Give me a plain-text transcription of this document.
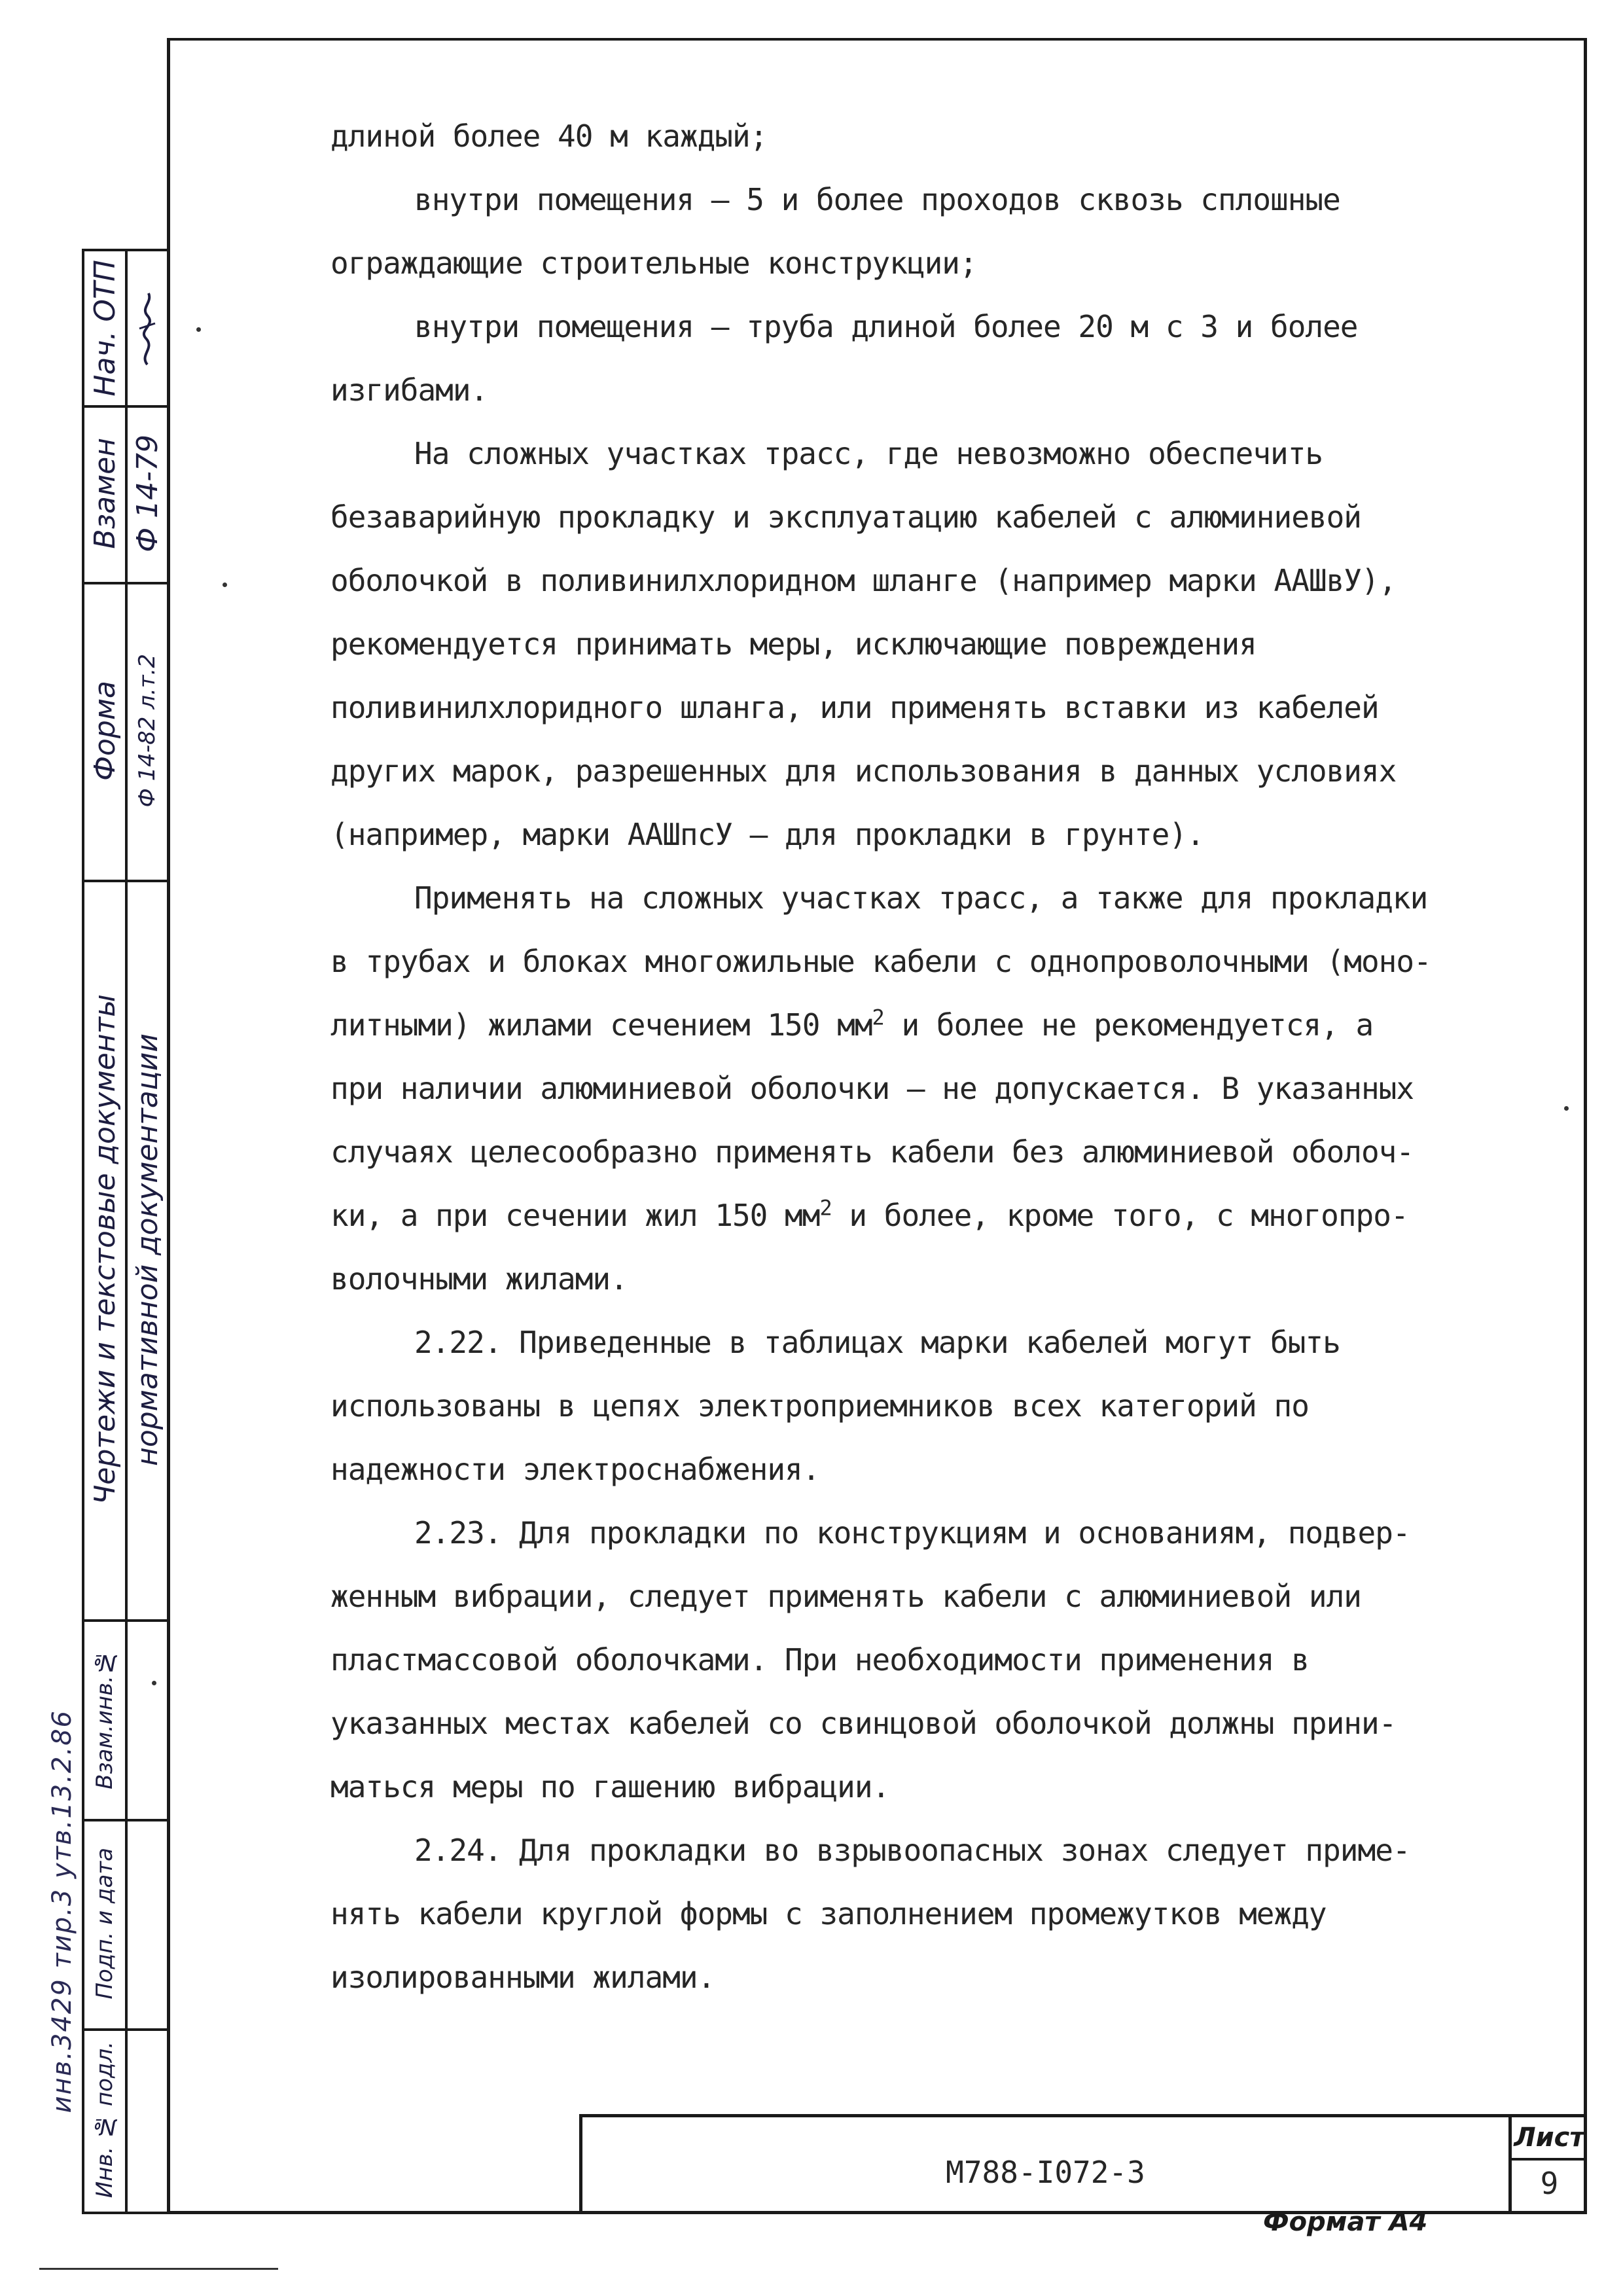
Нач. ОТП
Взамен Ф 14-79
Форма Ф 14-82 л.т.2
Чертежи и текстовые документы нормативной документации
Взам.инв.№
Подп. и дата
Инв. № подл.
инв.3429 тир.3 утв.13.2.86

длиной более 40 м каждый;

внутри помещения – 5 и более проходов сквозь сплошные

ограждающие строительные конструкции;

внутри помещения – труба длиной более 20 м с 3 и более

изгибами.

На сложных участках трасс, где невозможно обеспечить

безаварийную прокладку и эксплуатацию кабелей с алюминиевой

оболочкой в поливинилхлоридном шланге (например марки ААШвУ),

рекомендуется принимать меры, исключающие повреждения

поливинилхлоридного шланга, или применять вставки из кабелей

других марок, разрешенных для использования в данных условиях

(например, марки ААШпсУ – для прокладки в грунте).

Применять на сложных участках трасс, а также для прокладки

в трубах и блоках многожильные кабели с однопроволочными (моно-

литными) жилами сечением 150 $мм^2$ и более не рекомендуется, а

при наличии алюминиевой оболочки – не допускается. В указанных

случаях целесообразно применять кабели без алюминиевой оболоч-

ки, а при сечении жил 150 $мм^2$ и более, кроме того, с многопро-

волочными жилами.

2.22. Приведенные в таблицах марки кабелей могут быть

использованы в цепях электроприемников всех категорий по

надежности электроснабжения.

2.23. Для прокладки по конструкциям и основаниям, подвер-

женным вибрации, следует применять кабели с алюминиевой или

пластмассовой оболочками. При необходимости применения в

указанных местах кабелей со свинцовой оболочкой должны прини-

маться меры по гашению вибрации.

2.24. Для прокладки во взрывоопасных зонах следует приме-

нять кабели круглой формы с заполнением промежутков между

изолированными жилами.

М788-I072-3
Лист
9
Формат А4
